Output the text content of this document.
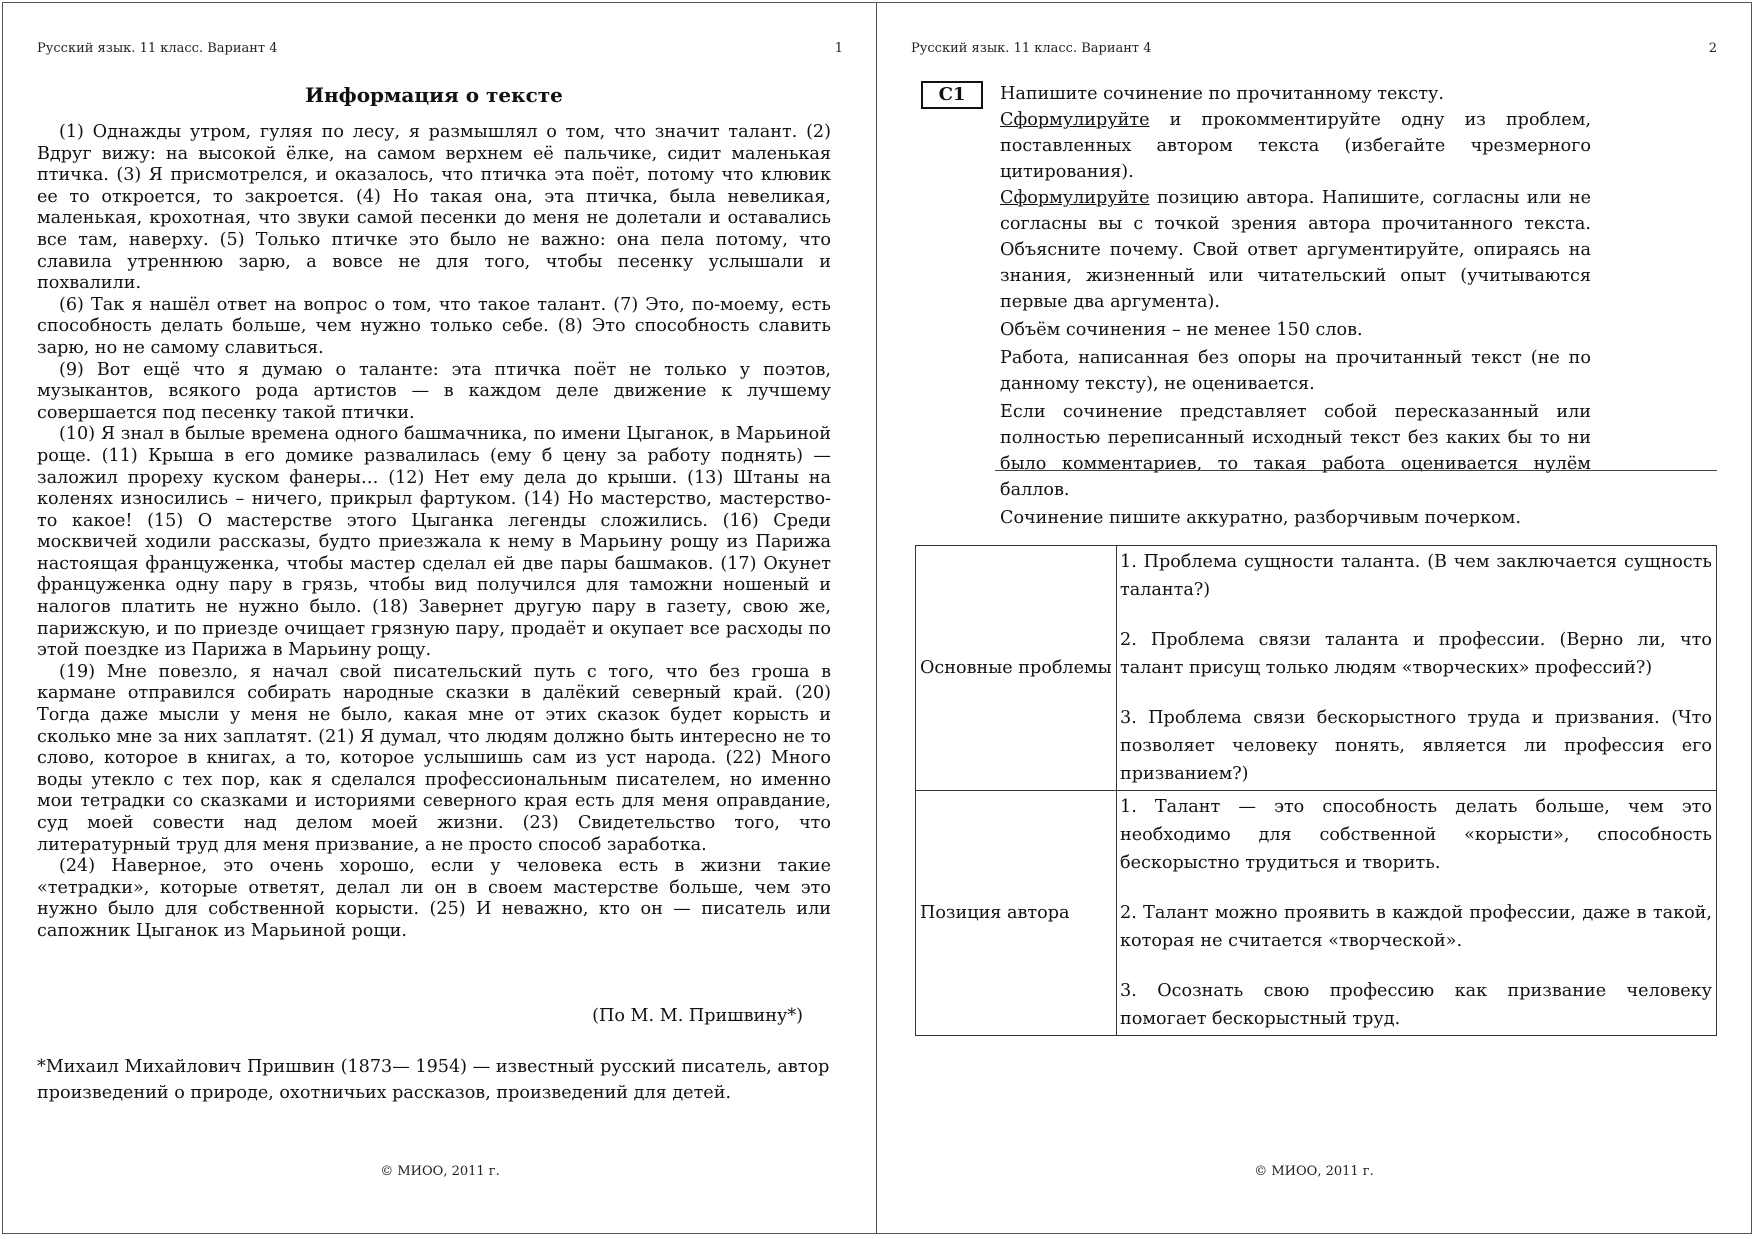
Русский язык. 11 класс. Вариант 4	1
Информация о тексте

(1) Однажды утром, гуляя по лесу, я размышлял о том, что значит талант. (2) Вдруг вижу: на высокой ёлке, на самом верхнем её пальчике, сидит маленькая птичка. (3) Я присмотрелся, и оказалось, что птичка эта поёт, потому что клювик ее то откроется, то закроется. (4) Но такая она, эта птичка, была невеликая, маленькая, крохотная, что звуки самой песенки до меня не долетали и оставались все там, наверху. (5) Только птичке это было не важно: она пела потому, что славила утреннюю зарю, а вовсе не для того, чтобы песенку услышали и похвалили.

(6) Так я нашёл ответ на вопрос о том, что такое талант. (7) Это, по-моему, есть способность делать больше, чем нужно только себе. (8) Это способность славить зарю, но не самому славиться.

(9) Вот ещё что я думаю о таланте: эта птичка поёт не только у поэтов, музыкантов, всякого рода артистов — в каждом деле движение к лучшему совершается под песенку такой птички.

(10) Я знал в былые времена одного башмачника, по имени Цыганок, в Марьиной роще. (11) Крыша в его домике развалилась (ему б цену за работу поднять) — заложил прореху куском фанеры… (12) Нет ему дела до крыши. (13) Штаны на коленях износились – ничего, прикрыл фартуком. (14) Но мастерство, мастерство-то какое! (15) О мастерстве этого Цыганка легенды сложились. (16) Среди москвичей ходили рассказы, будто приезжала к нему в Марьину рощу из Парижа настоящая француженка, чтобы мастер сделал ей две пары башмаков. (17) Окунет француженка одну пару в грязь, чтобы вид получился для таможни ношеный и налогов платить не нужно было. (18) Завернет другую пару в газету, свою же, парижскую, и по приезде очищает грязную пару, продаёт и окупает все расходы по этой поездке из Парижа в Марьину рощу.

(19) Мне повезло, я начал свой писательский путь с того, что без гроша в кармане отправился собирать народные сказки в далёкий северный край. (20) Тогда даже мысли у меня не было, какая мне от этих сказок будет корысть и сколько мне за них заплатят. (21) Я думал, что людям должно быть интересно не то слово, которое в книгах, а то, которое услышишь сам из уст народа. (22) Много воды утекло с тех пор, как я сделался профессиональным писателем, но именно мои тетрадки со сказками и историями северного края есть для меня оправдание, суд моей совести над делом моей жизни. (23) Свидетельство того, что литературный труд для меня призвание, а не просто способ заработка.

(24) Наверное, это очень хорошо, если у человека есть в жизни такие «тетрадки», которые ответят, делал ли он в своем мастерстве больше, чем это нужно было для собственной корысти. (25) И неважно, кто он — писатель или сапожник Цыганок из Марьиной рощи.

(По М. М. Пришвину*)
*Михаил Михайлович Пришвин (1873— 1954) — известный русский писатель, автор произведений о природе, охотничьих рассказов, произведений для детей.
© МИОО, 2011 г.
Русский язык. 11 класс. Вариант 4	2
С1	Напишите сочинение по прочитанному тексту.

Сформулируйте и прокомментируйте одну из проблем, поставленных автором текста (избегайте чрезмерного цитирования).

Сформулируйте позицию автора. Напишите, согласны или не согласны вы с точкой зрения автора прочитанного текста. Объясните почему. Свой ответ аргументируйте, опираясь на знания, жизненный или читательский опыт (учитываются первые два аргумента).

Объём сочинения – не менее 150 слов.

Работа, написанная без опоры на прочитанный текст (не по данному тексту), не оценивается.

Если сочинение представляет собой пересказанный или полностью переписанный исходный текст без каких бы то ни было комментариев, то такая работа оценивается нулём баллов.

Сочинение пишите аккуратно, разборчивым почерком.

Основные проблемы	1. Проблема сущности таланта. (В чем заключается сущность таланта?)

2. Проблема связи таланта и профессии. (Верно ли, что талант присущ только людям «творческих» профессий?)

3. Проблема связи бескорыстного труда и призвания. (Что позволяет человеку понять, является ли профессия его призванием?)

Позиция автора	1. Талант — это способность делать больше, чем это необходимо для собственной «корысти», способность бескорыстно трудиться и творить.

2. Талант можно проявить в каждой профессии, даже в такой, которая не считается «творческой».

3. Осознать свою профессию как призвание человеку помогает бескорыстный труд.

© МИОО, 2011 г.
